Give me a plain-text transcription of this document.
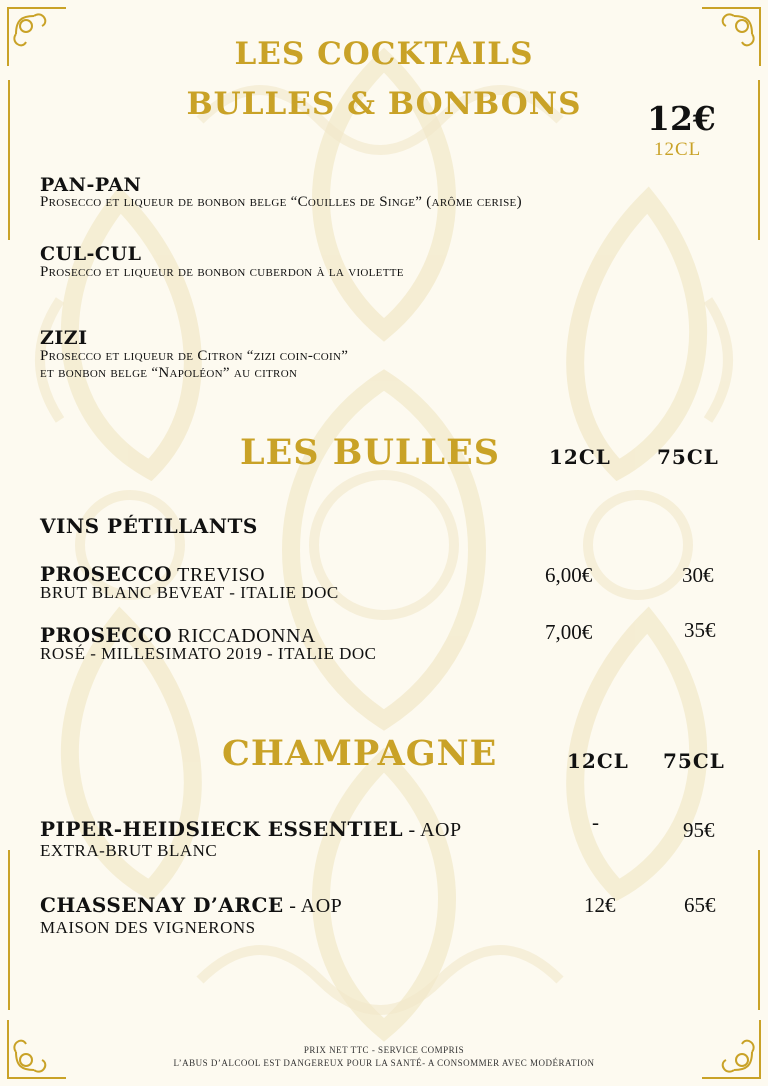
LES COCKTAILS
BULLES & BONBONS	12€
12CL
PAN-PAN
Prosecco et liqueur de bonbon belge “Couilles de Singe” (arôme cerise)
CUL-CUL
Prosecco et liqueur de bonbon cuberdon à la violette
ZIZI
Prosecco et liqueur de Citron “zizi coin-coin”
et bonbon belge “Napoléon” au citron
LES BULLES 12CL 75CL
VINS PÉTILLANTS
PROSECCO TREVISO
BRUT BLANC BEVEAT - ITALIE DOC
6,00€	30€
PROSECCO RICCADONNA
ROSÉ - MILLESIMATO 2019 - ITALIE DOC
7,00€	35€
CHAMPAGNE	12CL 75CL
PIPER-HEIDSIECK ESSENTIEL - AOP
EXTRA-BRUT BLANC
-	95€
CHASSENAY D’ARCE - AOP
MAISON DES VIGNERONS
12€	65€
PRIX NET TTC - SERVICE COMPRIS
L’ABUS D’ALCOOL EST DANGEREUX POUR LA SANTÉ- A CONSOMMER AVEC MODÉRATION
